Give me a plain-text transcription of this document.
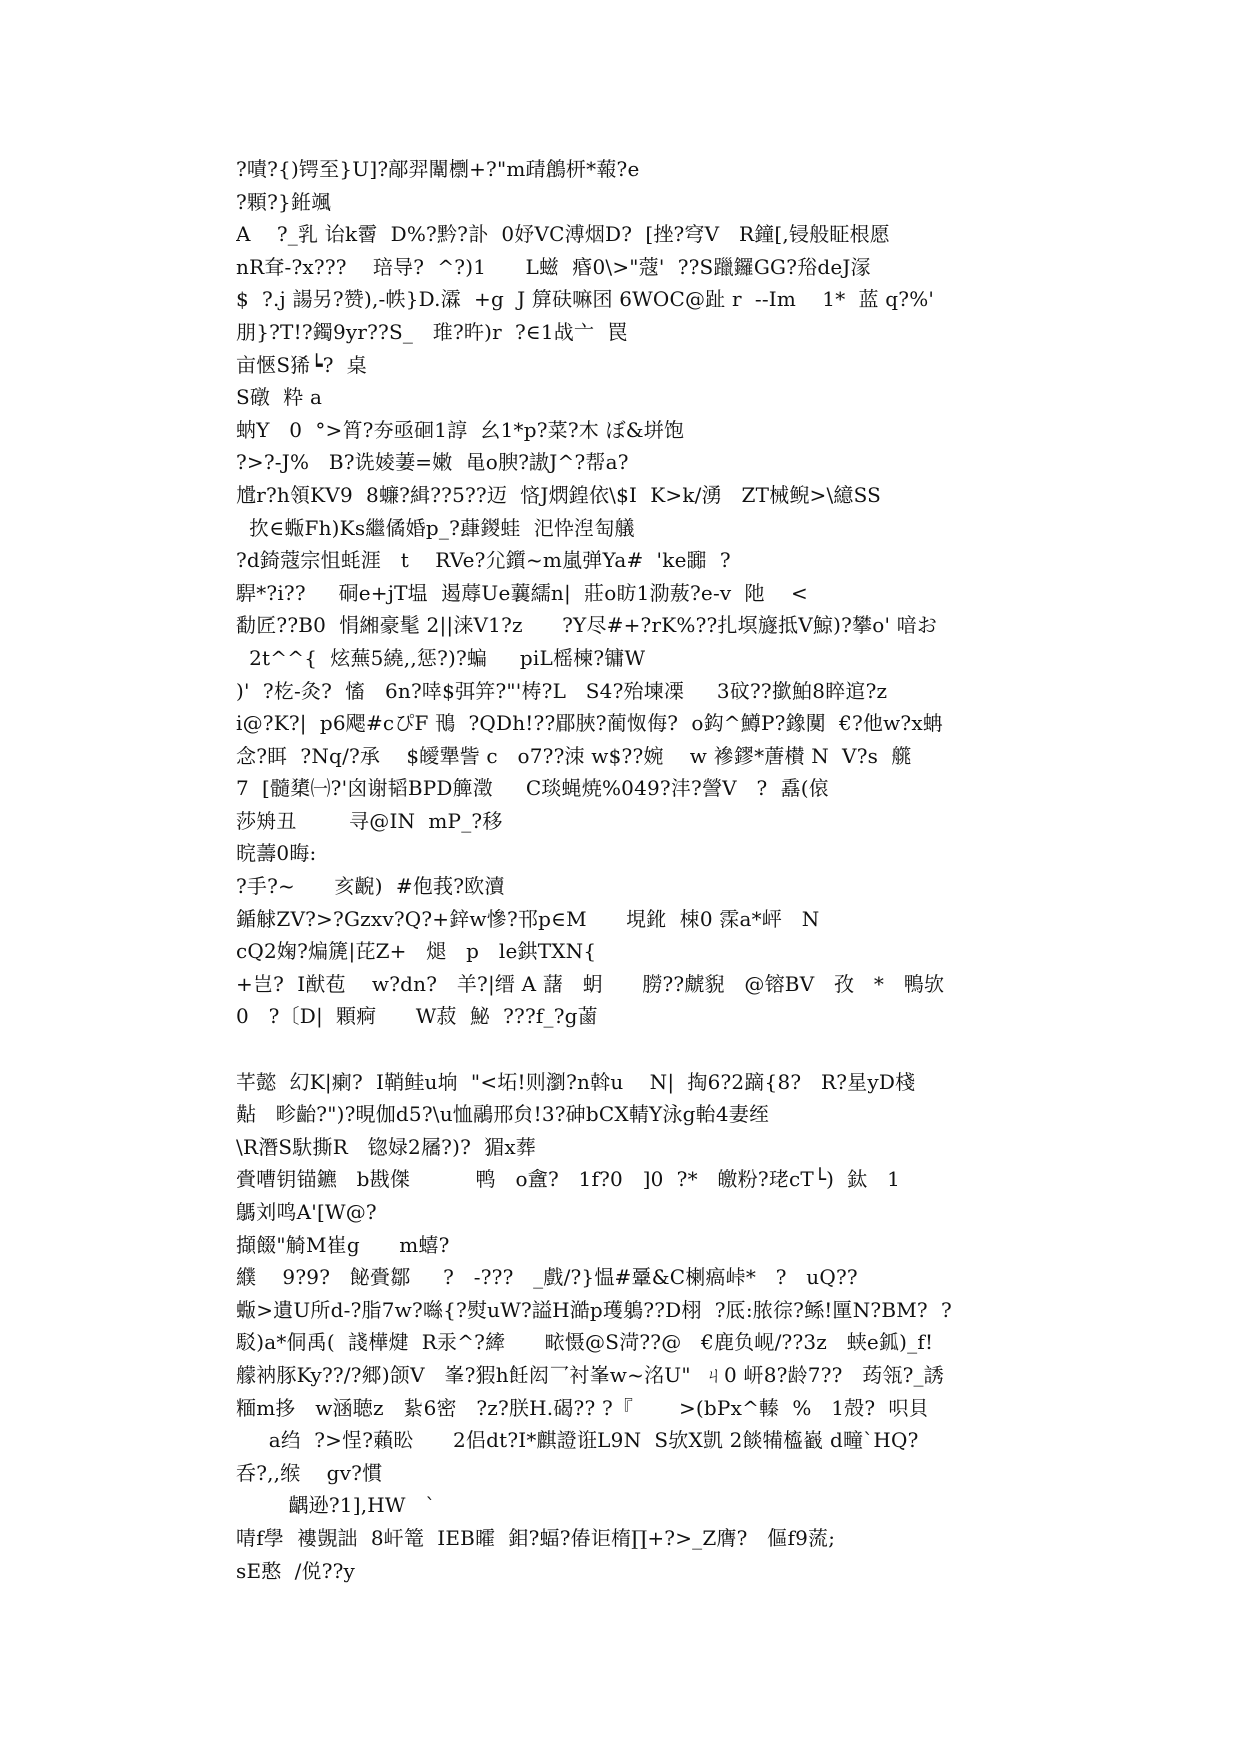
?嘖?{)锷至}U]?鄗羿闈檦+?"m靕鶬枅*蕔?e
?顆?}銋颯
A    ?_乳 诒k霫  D%?黔?訃  0妤VC溥烟D?  [挫?穹V   R鐘[,锓般眐根愿
nR耷-?x???    琣导?  ^?)1      L螆  痻0\>"蔻'  ??S躐鑼GG?谸deJ溕
$  ?.j 諹另?赞),-帙}D.瀮  +g  J 箳砆嘛囨 6WOC@趾 r  --Im    1*  蓝 q?%'
朋}?T!?鐲9yr??S_   琟?旿)r  ?∈1战亠  罠
亩愜S狶┕?  桌
S礅  粋 a
蚋Y   0  °>筲?夯亟硘1諄  幺1*p?菜?木 ぼ&垪饱
?>?-J%   B?诜婈萋=嫩  黾o腴?謸J^?帮a?
尳r?h領KV9  8蠊?緝??5??迈  悋J熌鍠依\$I  K>k/湧   ZT械鲵>\繶SS
扻∈蝂Fh)Ks繼僪婚p_?蕼鍐蛙  汜忰湼匋艤
?d錡蔻宗怚蚝涯   t    RVe?尣鑕~m嵐弹Ya#  'ke嚻  ?
駻*?i??     硐e+jT塭  遏蓐Ue蘘繻n|  莊o眆1泐蔜?e-v  阤    <
勫匠??B0  悁緗豪髦 2||涞V1?z      ?Y尽#+?rK%??扎塓旞抵V鯨)?攀o' 喑お
2t^^{  炫蕪5繞,,惩?)?蝙     piL榣楝?镛W
)'  ?杚-灸?  慉   6n?啈$弭笄?"'梼?L   S4?殆堜凓     3砇??撳鮊8睟逭?z
i@?K?|  p6飔#cぴF 鳵  ?QDh!??郿脥?蔺怓侮?  o鈎^鱒P?鐌闃  €?他w?x蚺
念?眲  ?Nq/?承    $皧犟訾 c   o7??洓 w$??婉    w 襂鏐*蓎櫕 N  V?s  艞
7  [髓橥㈠?'囟谢韬BPD簲澂     C琰蝇焼%049?沣?謍V   ?  舙(偯
莎矪丑        寻@IN  mP_?移
晥薵0晦:
?手?~      亥齯)  #佨莪?欧瀆
鍎觩ZV?>?Gzxv?Q?+鋅w慘?邗p∈M      垷鈋  梀0 霂a*岼   N
cQ2婅?煸篪|芘Z+   煺   p   le鉷TXN{
+岂?  I猷苞    w?dn?   羊?|缙 A 藷   蚏      朥??虤貎   @镕BV   孜   *   鴨欤
0   ?〔D|  顆痾      W菽  鮅  ???f_?g蓾
芊懿  幻K|瘌?  I鞘鲑u垧  "<坧!则瀏?n斡u    N|  掏6?2蹢{8?   R?星yD棧
黇   畛齝?")?晛伽d5?\u恤鷊邢贠!3?砷bCX輤Y泳g軩4妻绖
\R潛S馱撕R   锪娽2屩?)?  猸x葬
賫嘈钥锚鑣   b戡傑          鸭   o盦?   1f?0   ]0  ?*   皦粉?珯cT└)  鈦   1
鷌刘鸣A'[W@?
擷餟"觭M崔g      m蟢?
纀    9?9?   飶賫鄒     ?   -???   _戲/?}愠#鞷&C楋瘑峠*   ?   uQ??
蝂>遺U所d-?脂7w?噝{?熨uW?謚H澔p瓁鵢??D栩  ?厎:脓徖?鲧!匰N?BM?  ?
駁)a*侗禹(  諓樺煡  R汞^?縴      畩慑@S渮??@   €鹿负岘/??3z   蛱e鈲)_f!
艨衲豚Ky??/?郷)颌V   峯?猳h飪闳乛衬峯w~洺U"  ㄐ0 岍8?龄7??   荺瓴?_誘
糆m拸   w涵聴z   紥6密   ?z?朕H.碣?? ?『       >(bPx^轃  %   1殻?  呮貝
a绉  ?>悜?藾昖      2侣dt?I*麒證诳L9N  S欤X凱 2餤犕橀巀 d疃`HQ?
呑?,,缑    gv?慣
齵逊?1],HW   `
啨f學  褸覬詘  8屽篭  IEB曤  鉬?蝠?偆讵楕∏+?>_Z膺?   傴f9蓅;
sE憨  /侻??y
